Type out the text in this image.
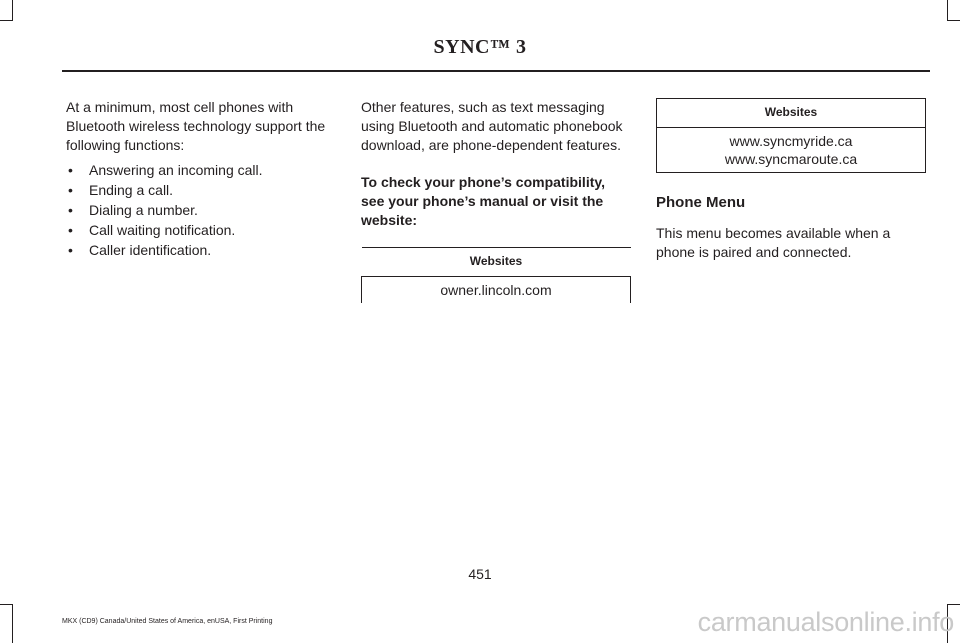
SYNC™ 3

At a minimum, most cell phones with Bluetooth wireless technology support the following functions:

• Answering an incoming call.
• Ending a call.
• Dialing a number.
• Call waiting notification.
• Caller identification.

Other features, such as text messaging using Bluetooth and automatic phonebook download, are phone-dependent features.

To check your phone’s compatibility, see your phone’s manual or visit the website:

Websites
owner.lincoln.com
Websites

www.syncmyride.ca
www.syncmaroute.ca

Phone Menu

This menu becomes available when a phone is paired and connected.

451
MKX (CD9) Canada/United States of America, enUSA, First Printing	carmanualsonline.info
